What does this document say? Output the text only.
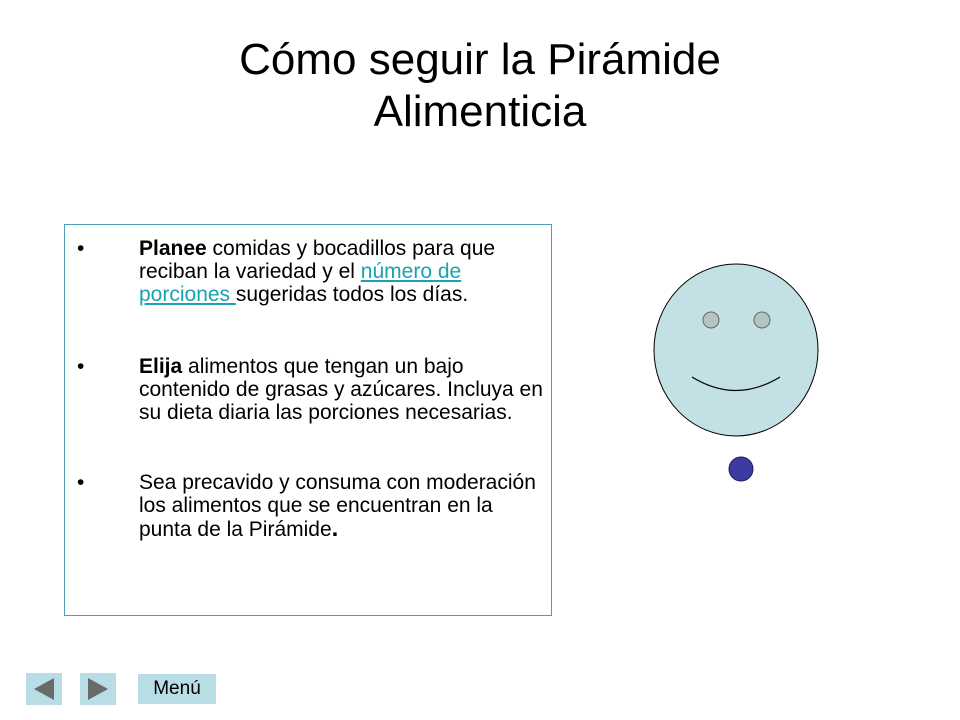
Cómo seguir la Pirámide
Alimenticia
•	Planee comidas y bocadillos para que reciban la variedad y el número de porciones sugeridas todos los días.
•	Elija alimentos que tengan un bajo contenido de grasas y azúcares. Incluya en su dieta diaria las porciones necesarias.
•	Sea precavido y consuma con moderación los alimentos que se encuentran en la punta de la Pirámide.
Menú
